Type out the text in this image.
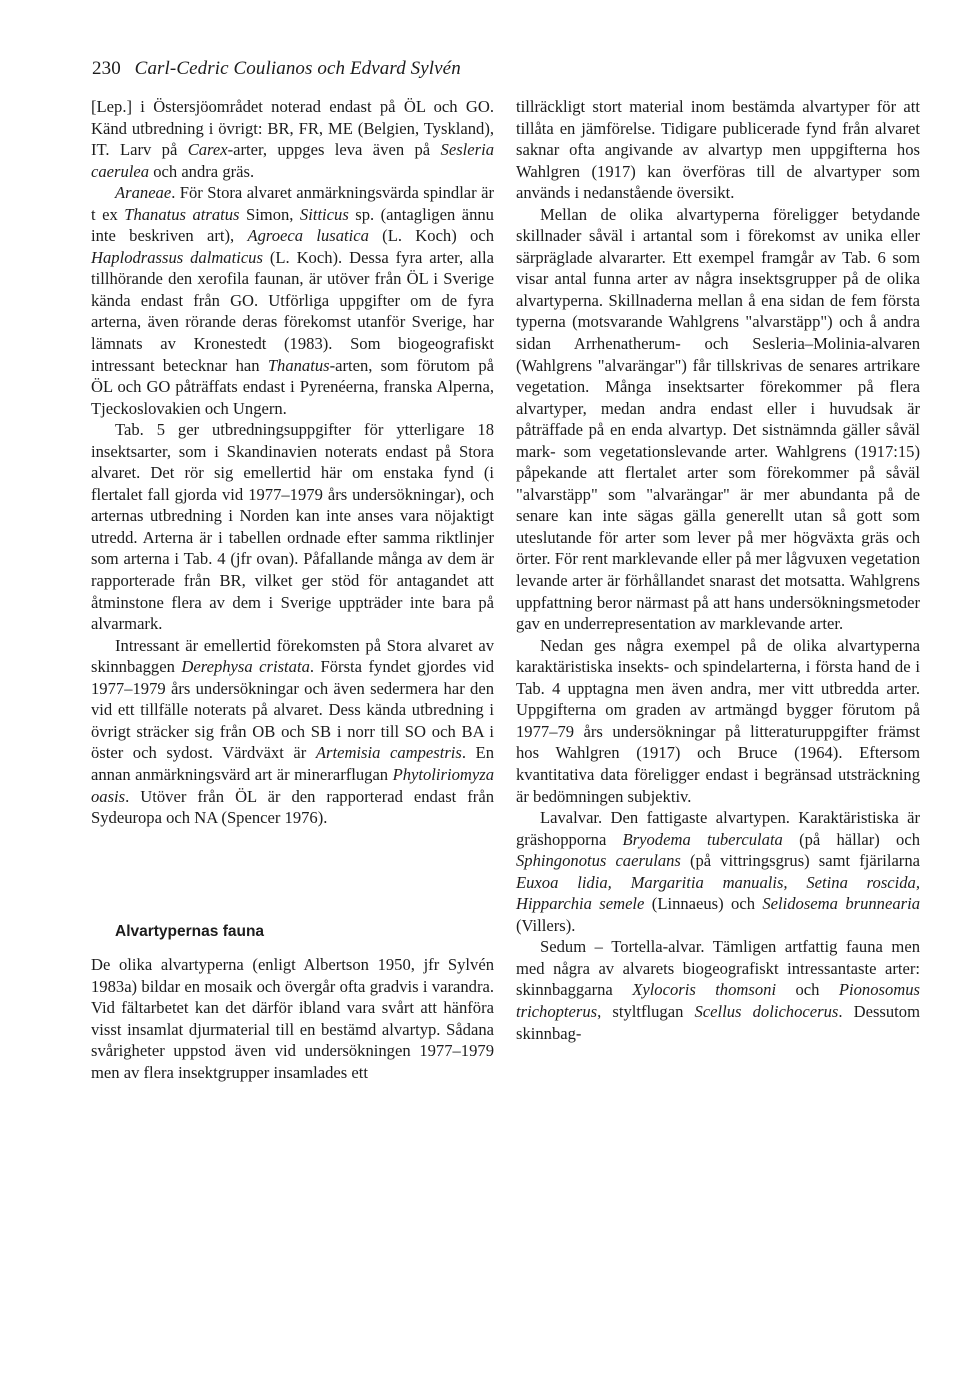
230 Carl-Cedric Coulianos och Edvard Sylvén

[Lep.] i Östersjöområdet noterad endast på ÖL och GO. Känd utbredning i övrigt: BR, FR, ME (Belgien, Tyskland), IT. Larv på Carex-arter, uppges leva även på Sesleria caerulea och andra gräs.

Araneae. För Stora alvaret anmärkningsvärda spindlar är t ex Thanatus atratus Simon, Sitticus sp. (antagligen ännu inte beskriven art), Agroeca lusatica (L. Koch) och Haplodrassus dalmaticus (L. Koch). Dessa fyra arter, alla tillhörande den xerofila faunan, är utöver från ÖL i Sverige kända endast från GO. Utförliga uppgifter om de fyra arterna, även rörande deras förekomst utanför Sverige, har lämnats av Kronestedt (1983). Som biogeografiskt intressant betecknar han Thanatus-arten, som förutom på ÖL och GO påträffats endast i Pyrenéerna, franska Alperna, Tjeckoslovakien och Ungern.

Tab. 5 ger utbredningsuppgifter för ytterligare 18 insektsarter, som i Skandinavien noterats endast på Stora alvaret. Det rör sig emellertid här om enstaka fynd (i flertalet fall gjorda vid 1977–1979 års undersökningar), och arternas utbredning i Norden kan inte anses vara nöjaktigt utredd. Arterna är i tabellen ordnade efter samma riktlinjer som arterna i Tab. 4 (jfr ovan). Påfallande många av dem är rapporterade från BR, vilket ger stöd för antagandet att åtminstone flera av dem i Sverige uppträder inte bara på alvarmark.

Intressant är emellertid förekomsten på Stora alvaret av skinnbaggen Derephysa cristata. Första fyndet gjordes vid 1977–1979 års undersökningar och även sedermera har den vid ett tillfälle noterats på alvaret. Dess kända utbredning i övrigt sträcker sig från OB och SB i norr till SO och BA i öster och sydost. Värdväxt är Artemisia campestris. En annan anmärkningsvärd art är minerarflugan Phytoliriomyza oasis. Utöver från ÖL är den rapporterad endast från Sydeuropa och NA (Spencer 1976).

Alvartypernas fauna

De olika alvartyperna (enligt Albertson 1950, jfr Sylvén 1983a) bildar en mosaik och övergår ofta gradvis i varandra. Vid fältarbetet kan det därför ibland vara svårt att hänföra visst insamlat djurmaterial till en bestämd alvartyp. Sådana svårigheter uppstod även vid undersökningen 1977–1979 men av flera insektgrupper insamlades ett

tillräckligt stort material inom bestämda alvartyper för att tillåta en jämförelse. Tidigare publicerade fynd från alvaret saknar ofta angivande av alvartyp men uppgifterna hos Wahlgren (1917) kan överföras till de alvartyper som används i nedanstående översikt.

Mellan de olika alvartyperna föreligger betydande skillnader såväl i artantal som i förekomst av unika eller särpräglade alvararter. Ett exempel framgår av Tab. 6 som visar antal funna arter av några insektsgrupper på de olika alvartyperna. Skillnaderna mellan å ena sidan de fem första typerna (motsvarande Wahlgrens "alvarstäpp") och å andra sidan Arrhenatherum- och Sesleria–Molinia-alvaren (Wahlgrens "alvarängar") får tillskrivas de senares artrikare vegetation. Många insektsarter förekommer på flera alvartyper, medan andra endast eller i huvudsak är påträffade på en enda alvartyp. Det sistnämnda gäller såväl mark- som vegetationslevande arter. Wahlgrens (1917:15) påpekande att flertalet arter som förekommer på såväl "alvarstäpp" som "alvarängar" är mer abundanta på de senare kan inte sägas gälla generellt utan så gott som uteslutande för arter som lever på mer högväxta gräs och örter. För rent marklevande eller på mer lågvuxen vegetation levande arter är förhållandet snarast det motsatta. Wahlgrens uppfattning beror närmast på att hans undersökningsmetoder gav en underrepresentation av marklevande arter.

Nedan ges några exempel på de olika alvartyperna karaktäristiska insekts- och spindelarterna, i första hand de i Tab. 4 upptagna men även andra, mer vitt utbredda arter. Uppgifterna om graden av artmängd bygger förutom på 1977–79 års undersökningar på litteraturuppgifter främst hos Wahlgren (1917) och Bruce (1964). Eftersom kvantitativa data föreligger endast i begränsad utsträckning är bedömningen subjektiv.

Lavalvar. Den fattigaste alvartypen. Karaktäristiska är gräshopporna Bryodema tuberculata (på hällar) och Sphingonotus caerulans (på vittringsgrus) samt fjärilarna Euxoa lidia, Margaritia manualis, Setina roscida, Hipparchia semele (Linnaeus) och Selidosema brunnearia (Villers).

Sedum – Tortella-alvar. Tämligen artfattig fauna men med några av alvarets biogeografiskt intressantaste arter: skinnbaggarna Xylocoris thomsoni och Pionosomus trichopterus, styltflugan Scellus dolichocerus. Dessutom skinnbag-
